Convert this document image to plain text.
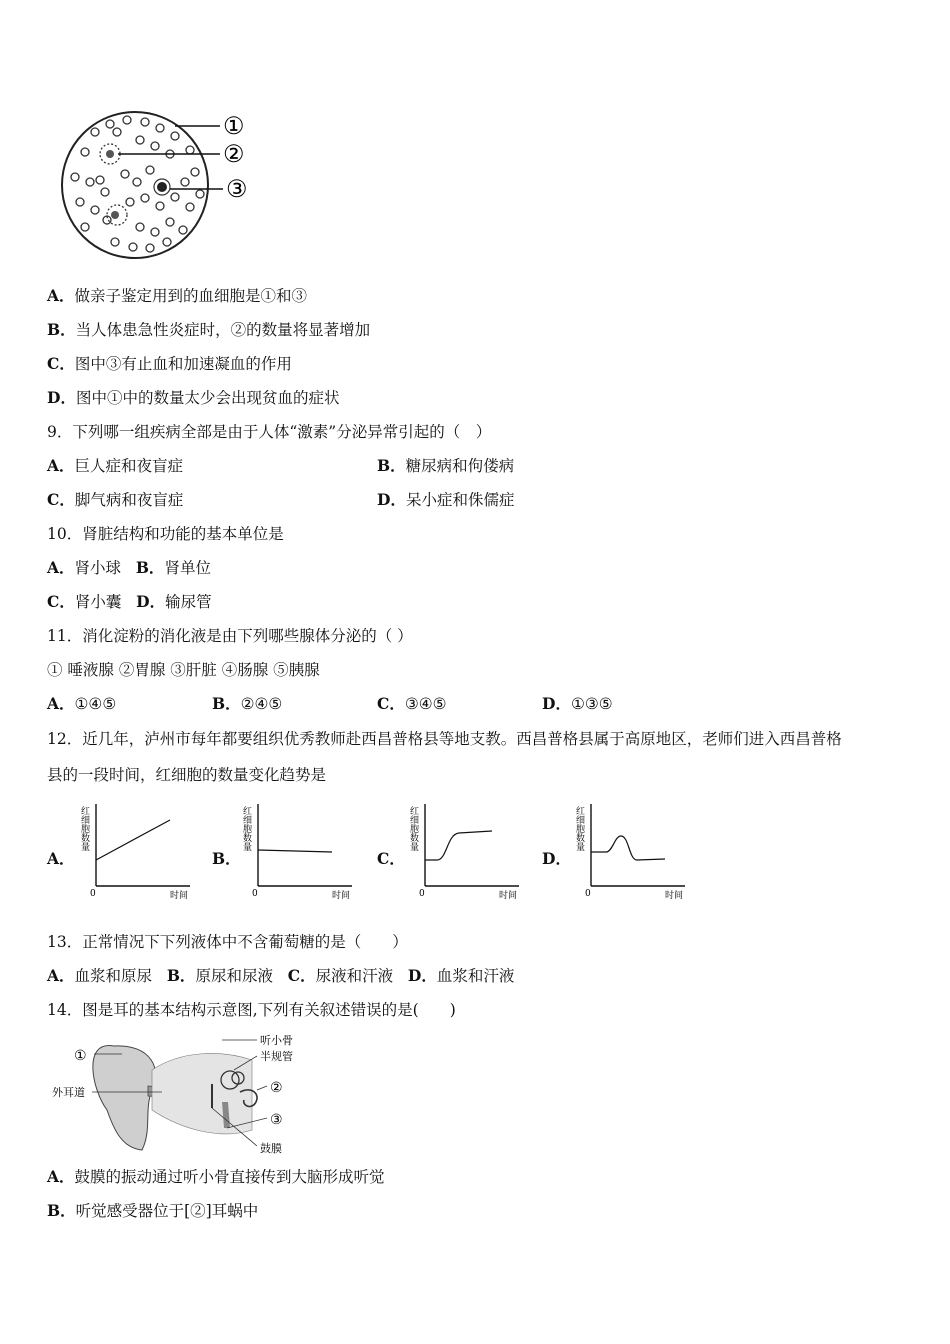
①
②
③
A．做亲子鉴定用到的血细胞是①和③
B．当人体患急性炎症时，②的数量将显著增加
C．图中③有止血和加速凝血的作用
D．图中①中的数量太少会出现贫血的症状
9．下列哪一组疾病全部是由于人体“激素”分泌异常引起的（　）
A．巨人症和夜盲症	B．糖尿病和佝偻病
C．脚气病和夜盲症	D．呆小症和侏儒症
10．肾脏结构和功能的基本单位是
A．肾小球 B．肾单位
C．肾小囊 D．输尿管
11．消化淀粉的消化液是由下列哪些腺体分泌的（ ）
① 唾液腺 ②胃腺 ③肝脏 ④肠腺 ⑤胰腺
A．①④⑤	B．②④⑤	C．③④⑤	D．①③⑤
12．近几年，泸州市每年都要组织优秀教师赴西昌普格县等地支教。西昌普格县属于高原地区，老师们进入西昌普格
县的一段时间，红细胞的数量变化趋势是
A．	B．	C．	D．
红细胞数量
0	时间
红细胞数量
0	时间
红细胞数量
0	时间
红细胞数量
0	时间
13．正常情况下下列液体中不含葡萄糖的是（　　）
A．血浆和原尿 B．原尿和尿液 C．尿液和汗液 D．血浆和汗液
14．图是耳的基本结构示意图,下列有关叙述错误的是(　　)
①
听小骨
半规管
②
③
外耳道
鼓膜
A．鼓膜的振动通过听小骨直接传到大脑形成听觉
B．听觉感受器位于[②]耳蜗中
